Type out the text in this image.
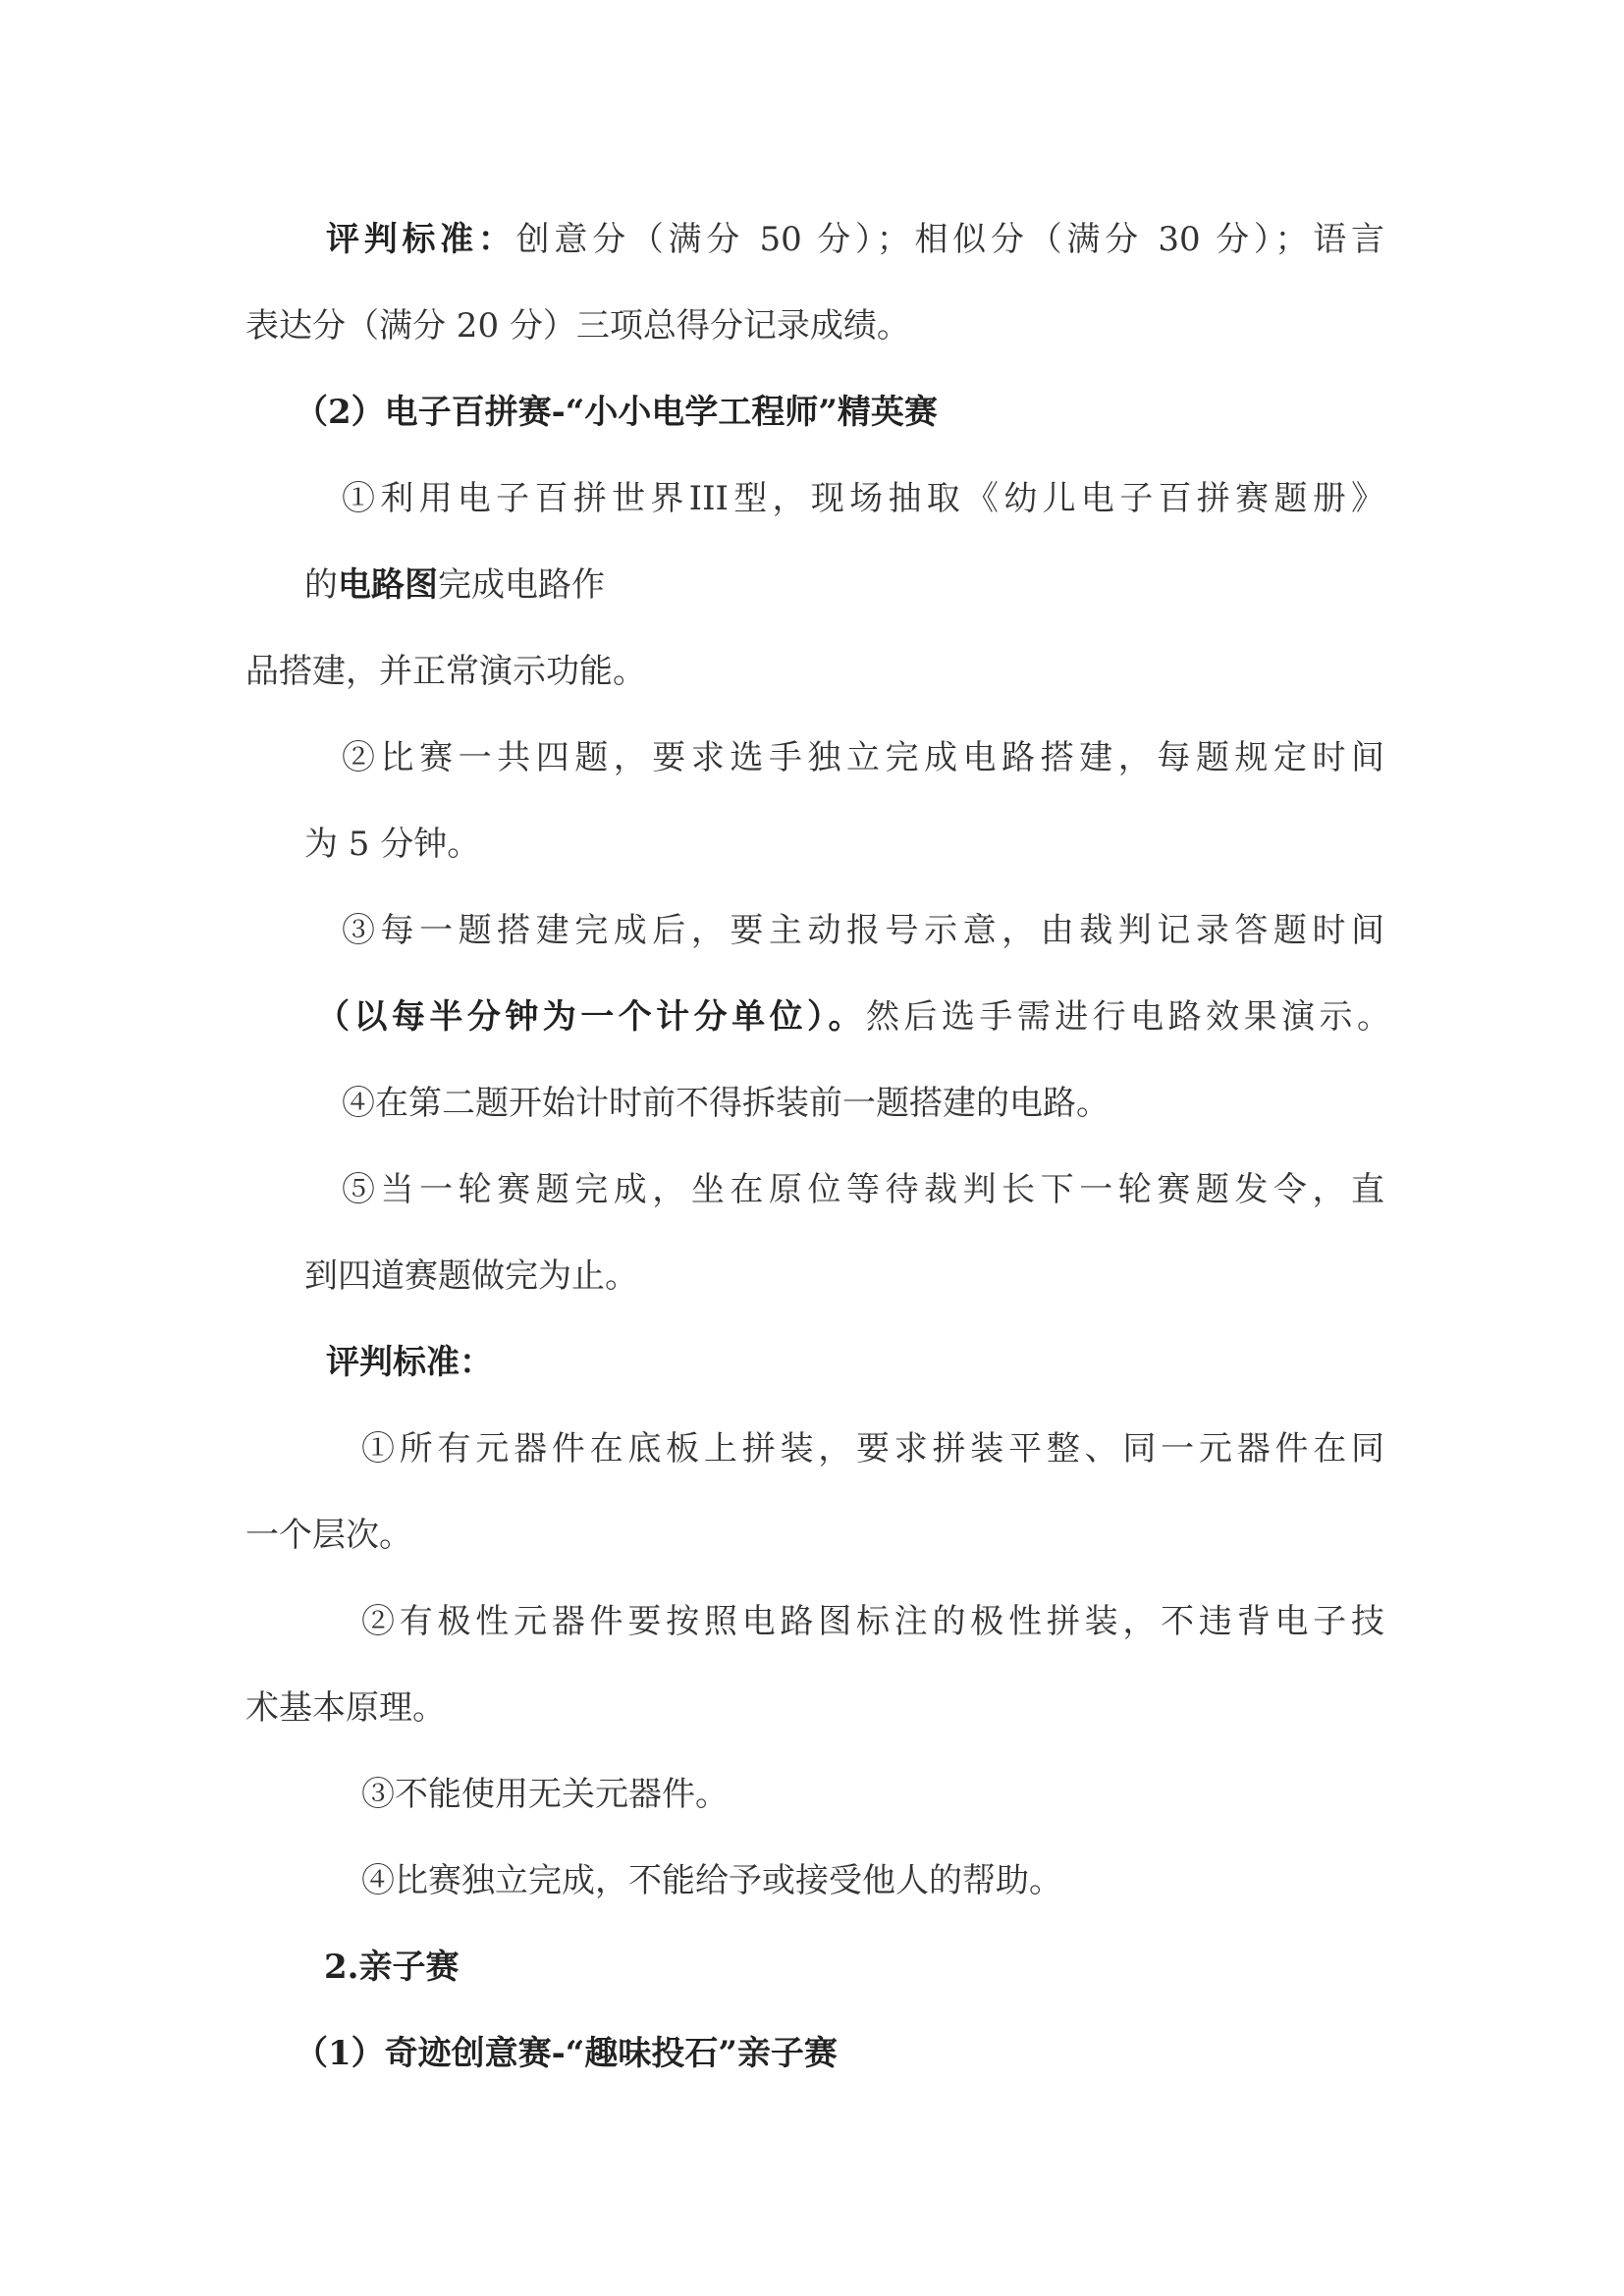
评判标准：创意分（满分 50 分）；相似分（满分 30 分）；语言

表达分（满分 20 分）三项总得分记录成绩。

（2）电子百拼赛-“小小电学工程师”精英赛

①利用电子百拼世界III型，现场抽取《幼儿电子百拼赛题册》

的电路图完成电路作

品搭建，并正常演示功能。

②比赛一共四题，要求选手独立完成电路搭建，每题规定时间

为 5 分钟。

③每一题搭建完成后，要主动报号示意，由裁判记录答题时间

（以每半分钟为一个计分单位）。然后选手需进行电路效果演示。

④在第二题开始计时前不得拆装前一题搭建的电路。

⑤当一轮赛题完成，坐在原位等待裁判长下一轮赛题发令，直

到四道赛题做完为止。

评判标准：

①所有元器件在底板上拼装，要求拼装平整、同一元器件在同

一个层次。

②有极性元器件要按照电路图标注的极性拼装，不违背电子技

术基本原理。

③不能使用无关元器件。

④比赛独立完成，不能给予或接受他人的帮助。

2.亲子赛

（1）奇迹创意赛-“趣味投石”亲子赛
